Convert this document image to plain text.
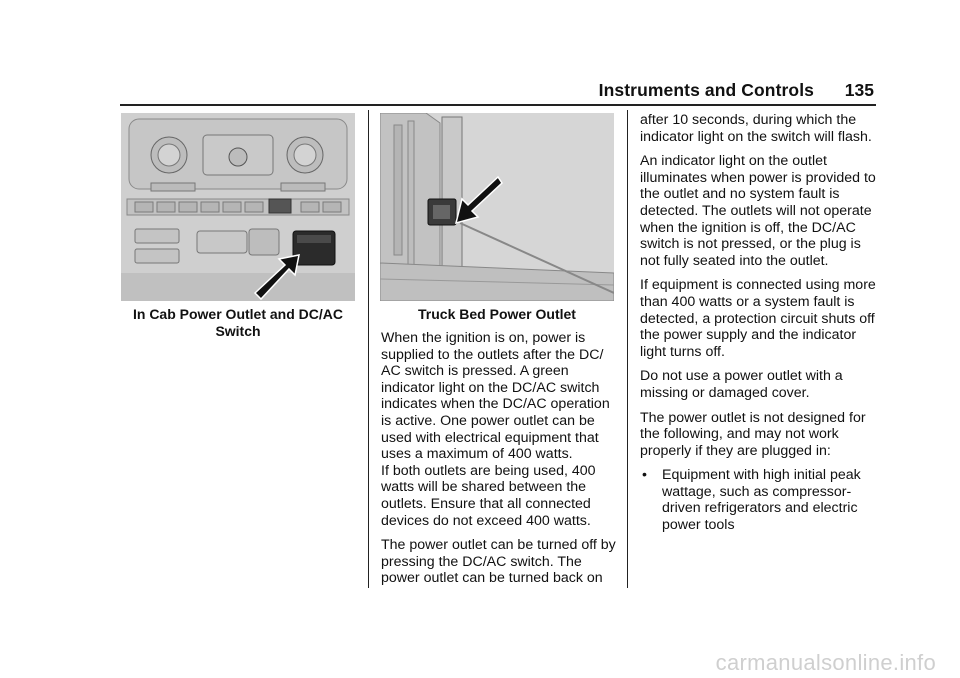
Instruments and Controls 135
In Cab Power Outlet and DC/AC
Switch
Truck Bed Power Outlet

When the ignition is on, power is supplied to the outlets after the DC/ AC switch is pressed. A green indicator light on the DC/AC switch indicates when the DC/AC operation is active. One power outlet can be used with electrical equipment that uses a maximum of 400 watts.

If both outlets are being used, 400 watts will be shared between the outlets. Ensure that all connected devices do not exceed 400 watts.

The power outlet can be turned off by pressing the DC/AC switch. The power outlet can be turned back on

after 10 seconds, during which the indicator light on the switch will flash.

An indicator light on the outlet illuminates when power is provided to the outlet and no system fault is detected. The outlets will not operate when the ignition is off, the DC/AC switch is not pressed, or the plug is not fully seated into the outlet.

If equipment is connected using more than 400 watts or a system fault is detected, a protection circuit shuts off the power supply and the indicator light turns off.

Do not use a power outlet with a missing or damaged cover.

The power outlet is not designed for the following, and may not work properly if they are plugged in:

• Equipment with high initial peak wattage, such as compressor-driven refrigerators and electric power tools
carmanualsonline.info
